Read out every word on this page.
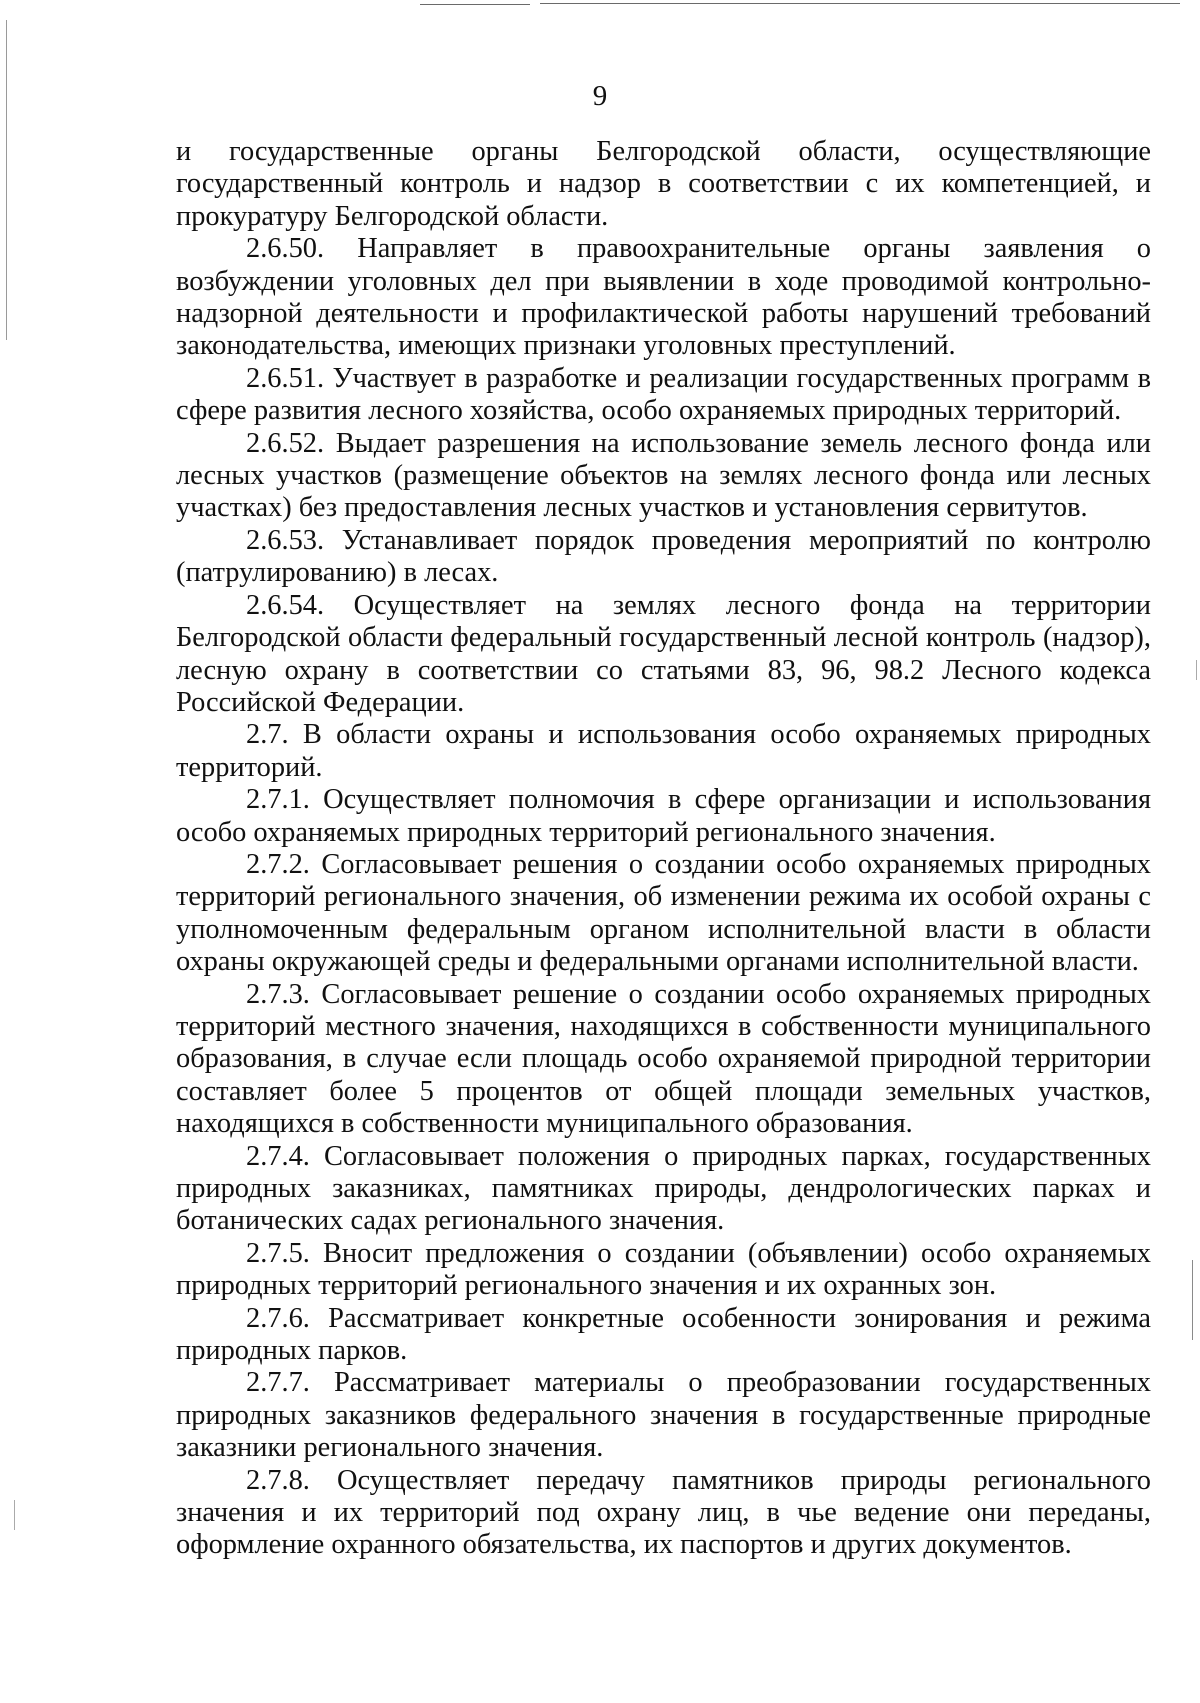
9

и государственные органы Белгородской области, осуществляющие государственный контроль и надзор в соответствии с их компетенцией, и прокуратуру Белгородской области.

2.6.50. Направляет в правоохранительные органы заявления о возбуждении уголовных дел при выявлении в ходе проводимой контрольно-надзорной деятельности и профилактической работы нарушений требований законодательства, имеющих признаки уголовных преступлений.

2.6.51. Участвует в разработке и реализации государственных программ в сфере развития лесного хозяйства, особо охраняемых природных территорий.

2.6.52. Выдает разрешения на использование земель лесного фонда или лесных участков (размещение объектов на землях лесного фонда или лесных участках) без предоставления лесных участков и установления сервитутов.

2.6.53. Устанавливает порядок проведения мероприятий по контролю (патрулированию) в лесах.

2.6.54. Осуществляет на землях лесного фонда на территории Белгородской области федеральный государственный лесной контроль (надзор), лесную охрану в соответствии со статьями 83, 96, 98.2 Лесного кодекса Российской Федерации.

2.7. В области охраны и использования особо охраняемых природных территорий.

2.7.1. Осуществляет полномочия в сфере организации и использования особо охраняемых природных территорий регионального значения.

2.7.2. Согласовывает решения о создании особо охраняемых природных территорий регионального значения, об изменении режима их особой охраны с уполномоченным федеральным органом исполнительной власти в области охраны окружающей среды и федеральными органами исполнительной власти.

2.7.3. Согласовывает решение о создании особо охраняемых природных территорий местного значения, находящихся в собственности муниципального образования, в случае если площадь особо охраняемой природной территории составляет более 5 процентов от общей площади земельных участков, находящихся в собственности муниципального образования.

2.7.4. Согласовывает положения о природных парках, государственных природных заказниках, памятниках природы, дендрологических парках и ботанических садах регионального значения.

2.7.5. Вносит предложения о создании (объявлении) особо охраняемых природных территорий регионального значения и их охранных зон.

2.7.6. Рассматривает конкретные особенности зонирования и режима природных парков.

2.7.7. Рассматривает материалы о преобразовании государственных природных заказников федерального значения в государственные природные заказники регионального значения.

2.7.8. Осуществляет передачу памятников природы регионального значения и их территорий под охрану лиц, в чье ведение они переданы, оформление охранного обязательства, их паспортов и других документов.
